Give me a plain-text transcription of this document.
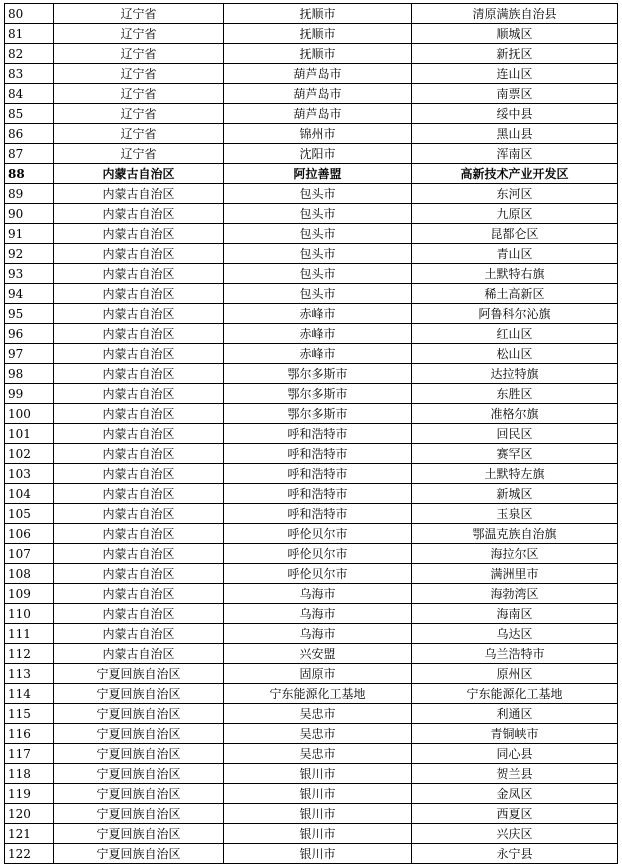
80	辽宁省	抚顺市	清原满族自治县
81	辽宁省	抚顺市	顺城区
82	辽宁省	抚顺市	新抚区
83	辽宁省	葫芦岛市	连山区
84	辽宁省	葫芦岛市	南票区
85	辽宁省	葫芦岛市	绥中县
86	辽宁省	锦州市	黑山县
87	辽宁省	沈阳市	浑南区
88	内蒙古自治区	阿拉善盟	高新技术产业开发区
89	内蒙古自治区	包头市	东河区
90	内蒙古自治区	包头市	九原区
91	内蒙古自治区	包头市	昆都仑区
92	内蒙古自治区	包头市	青山区
93	内蒙古自治区	包头市	土默特右旗
94	内蒙古自治区	包头市	稀土高新区
95	内蒙古自治区	赤峰市	阿鲁科尔沁旗
96	内蒙古自治区	赤峰市	红山区
97	内蒙古自治区	赤峰市	松山区
98	内蒙古自治区	鄂尔多斯市	达拉特旗
99	内蒙古自治区	鄂尔多斯市	东胜区
100	内蒙古自治区	鄂尔多斯市	准格尔旗
101	内蒙古自治区	呼和浩特市	回民区
102	内蒙古自治区	呼和浩特市	赛罕区
103	内蒙古自治区	呼和浩特市	土默特左旗
104	内蒙古自治区	呼和浩特市	新城区
105	内蒙古自治区	呼和浩特市	玉泉区
106	内蒙古自治区	呼伦贝尔市	鄂温克族自治旗
107	内蒙古自治区	呼伦贝尔市	海拉尔区
108	内蒙古自治区	呼伦贝尔市	满洲里市
109	内蒙古自治区	乌海市	海勃湾区
110	内蒙古自治区	乌海市	海南区
111	内蒙古自治区	乌海市	乌达区
112	内蒙古自治区	兴安盟	乌兰浩特市
113	宁夏回族自治区	固原市	原州区
114	宁夏回族自治区	宁东能源化工基地	宁东能源化工基地
115	宁夏回族自治区	吴忠市	利通区
116	宁夏回族自治区	吴忠市	青铜峡市
117	宁夏回族自治区	吴忠市	同心县
118	宁夏回族自治区	银川市	贺兰县
119	宁夏回族自治区	银川市	金凤区
120	宁夏回族自治区	银川市	西夏区
121	宁夏回族自治区	银川市	兴庆区
122	宁夏回族自治区	银川市	永宁县
